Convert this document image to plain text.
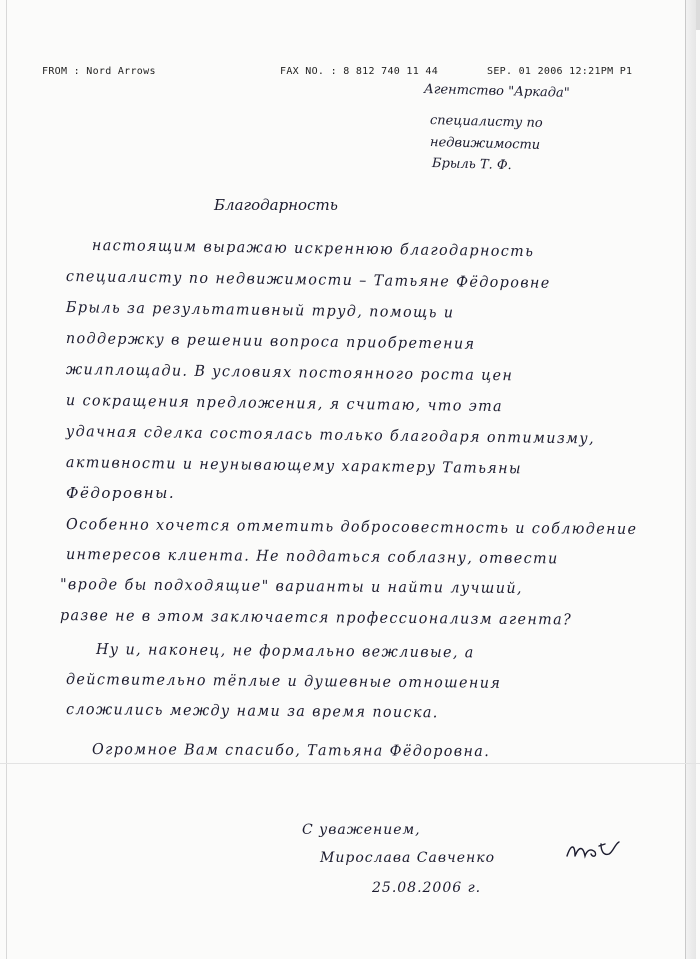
FROM : Nord Arrows	FAX NO. : 8 812 740 11 44	SEP. 01 2006 12:21PM P1
Агентство "Аркада"
специалисту по
недвижимости
Брыль Т. Ф.
Благодарность
настоящим выражаю искреннюю благодарность
специалисту по недвижимости – Татьяне Фёдоровне
Брыль за результативный труд, помощь и
поддержку в решении вопроса приобретения
жилплощади. В условиях постоянного роста цен
и сокращения предложения, я считаю, что эта
удачная сделка состоялась только благодаря оптимизму,
активности и неунывающему характеру Татьяны
Фёдоровны.
Особенно хочется отметить добросовестность и соблюдение
интересов клиента. Не поддаться соблазну, отвести
"вроде бы подходящие" варианты и найти лучший,
разве не в этом заключается профессионализм агента?
Ну и, наконец, не формально вежливые, а
действительно тёплые и душевные отношения
сложились между нами за время поиска.
Огромное Вам спасибо, Татьяна Фёдоровна.
С уважением,
Мирослава Савченко
25.08.2006 г.
